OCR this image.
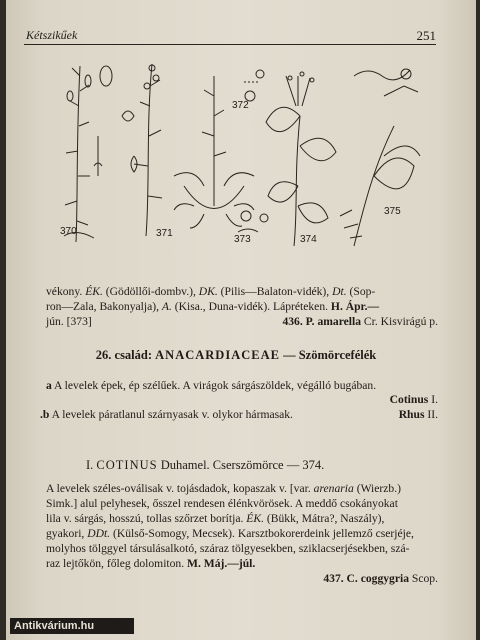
Kétszikűek	251
370	371
372
373	374
375
vékony. ÉK. (Gödöllői-dombv.), DK. (Pilis—Balaton-vidék), Dt. (Sop-
ron—Zala, Bakonyalja), A. (Kisa., Duna-vidék). Lápréteken. H. Ápr.—
jún. [373]	436. P. amarella Cr. Kisvirágú p.
26. család: ANACARDIACEAE — Szömörcefélék
a A levelek épek, ép szélűek. A virágok sárgászöldek, végálló bugában.
Cotinus I.
.b A levelek páratlanul szárnyasak v. olykor hármasak.	Rhus II.
I. COTINUS Duhamel. Cserszömörce — 374.
A levelek széles-oválisak v. tojásdadok, kopaszak v. [var. arenaria (Wierzb.)
Simk.] alul pelyhesek, ősszel rendesen élénkvörösek. A meddő csokányokat
lila v. sárgás, hosszú, tollas szőrzet borítja. ÉK. (Bükk, Mátra?, Naszály),
gyakori, DDt. (Külső-Somogy, Mecsek). Karsztbokorerdeink jellemző cserjéje,
molyhos tölggyel társulásalkotó, száraz tölgyesekben, sziklacserjésekben, szá-
raz lejtőkön, főleg dolomiton. M. Máj.—júl.
437. C. coggygria Scop.
Antikvárium.hu
